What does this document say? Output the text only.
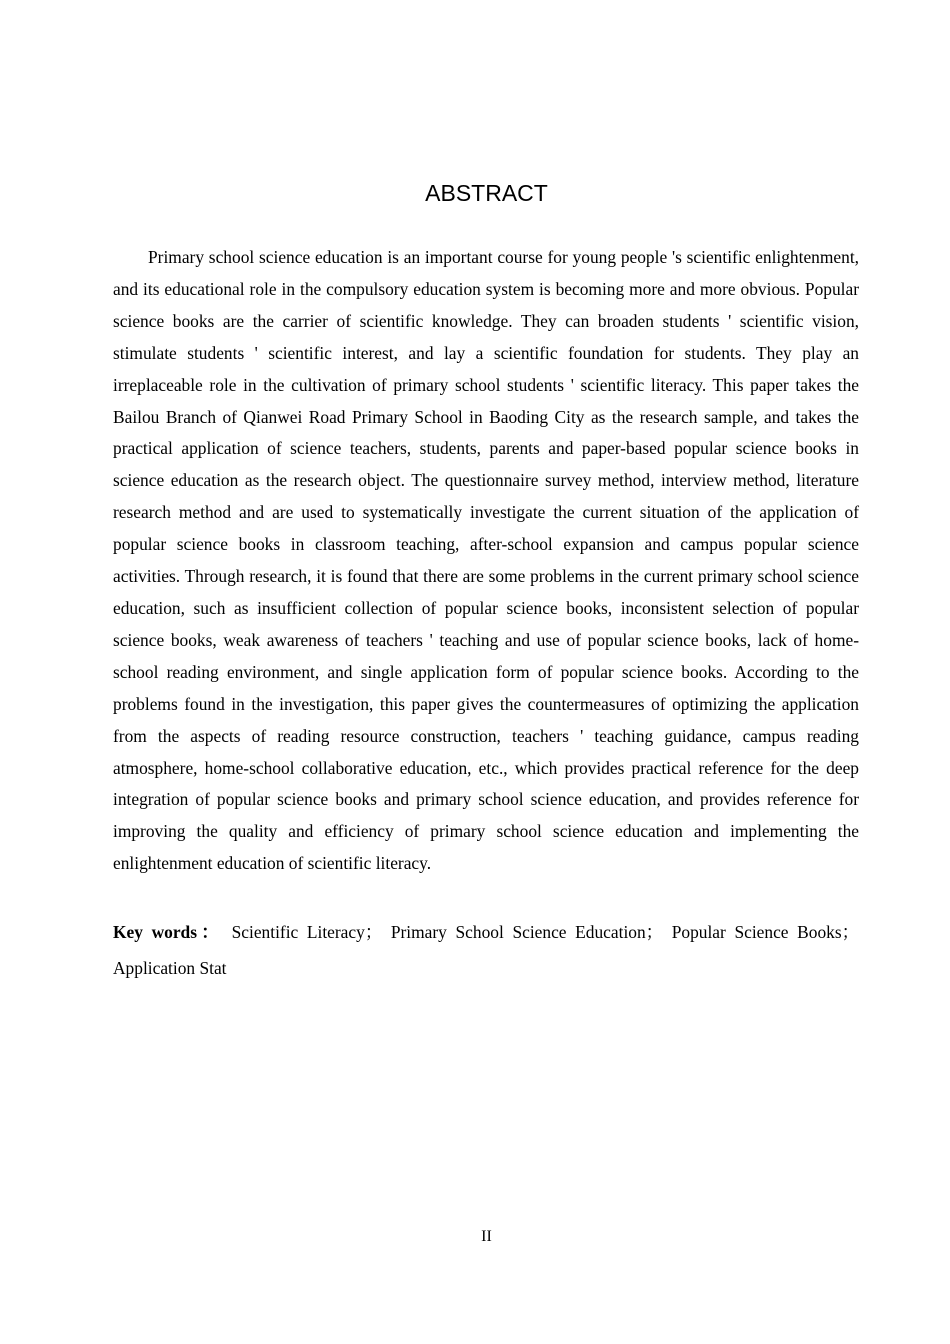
ABSTRACT

Primary school science education is an important course for young people 's scientific enlightenment, and its educational role in the compulsory education system is becoming more and more obvious. Popular science books are the carrier of scientific knowledge. They can broaden students ' scientific vision, stimulate students ' scientific interest, and lay a scientific foundation for students. They play an irreplaceable role in the cultivation of primary school students ' scientific literacy. This paper takes the Bailou Branch of Qianwei Road Primary School in Baoding City as the research sample, and takes the practical application of science teachers, students, parents and paper-based popular science books in science education as the research object. The questionnaire survey method, interview method, literature research method and are used to systematically investigate the current situation of the application of popular science books in classroom teaching, after-school expansion and campus popular science activities. Through research, it is found that there are some problems in the current primary school science education, such as insufficient collection of popular science books, inconsistent selection of popular science books, weak awareness of teachers ' teaching and use of popular science books, lack of home-school reading environment, and single application form of popular science books. According to the problems found in the investigation, this paper gives the countermeasures of optimizing the application from the aspects of reading resource construction, teachers ' teaching guidance, campus reading atmosphere, home-school collaborative education, etc., which provides practical reference for the deep integration of popular science books and primary school science education, and provides reference for improving the quality and efficiency of primary school science education and implementing the enlightenment education of scientific literacy.

Key words： Scientific Literacy； Primary School Science Education； Popular Science Books；Application Stat

II
